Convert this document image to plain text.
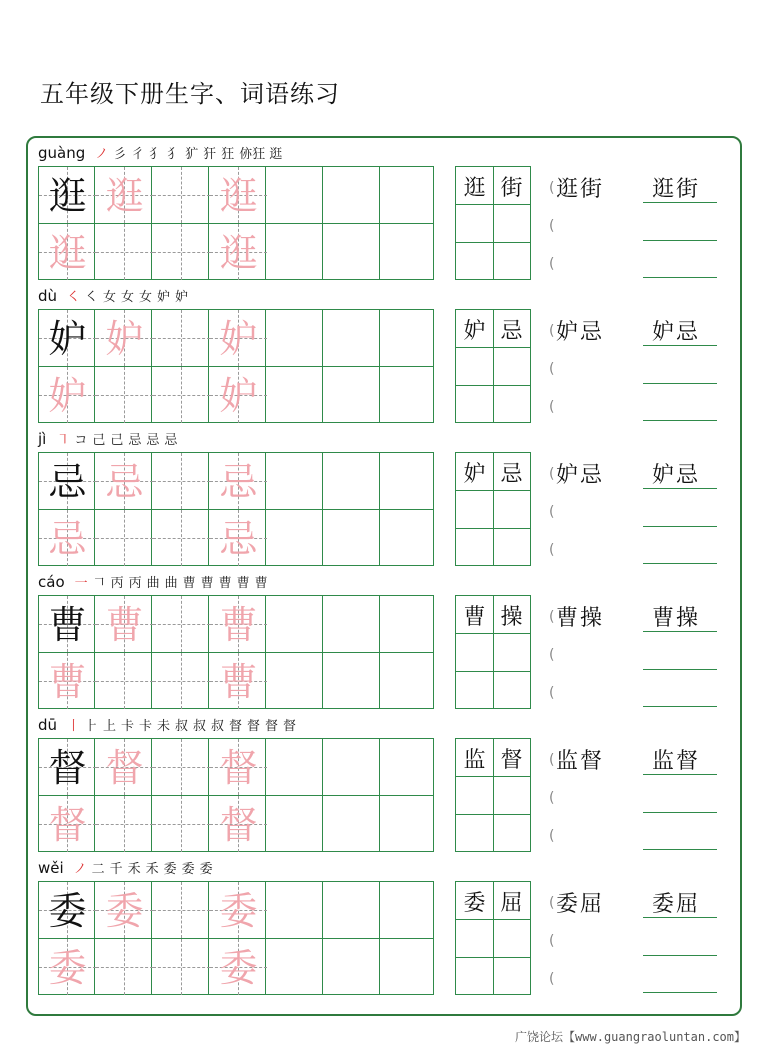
五年级下册生字、词语练习
guàng ノ 彡 彳 犭 犭 犷 犴 狂 㑊狂 逛
逛 逛 逛
逛	逛
逛 街	逛街
(
(
(
逛街
dù ㇛ ㇛ 女 女 女 妒 妒
妒 妒 妒
妒	妒
妒 忌	妒忌
(
(
(
妒忌
jì ㇕ コ 己 己 忌 忌 忌
忌 忌 忌
忌	忌
妒 忌	妒忌
(
(
(
妒忌
cáo 一 𠃍 丙 丙 曲 曲 曹 曹 曹 曹 曹
曹 曹 曹
曹	曹
曹 操	曹操
(
(
(
曹操
dū 丨 ⺊ 上 卡 卡 未 叔 叔 叔 督 督 督 督
督 督 督
督	督
监 督	监督
(
(
(
监督
wěi ノ 二 千 禾 禾 委 委 委
委 委 委
委	委
委 屈	委屈
(
(
(
委屈
广饶论坛【www.guangraoluntan.com】
